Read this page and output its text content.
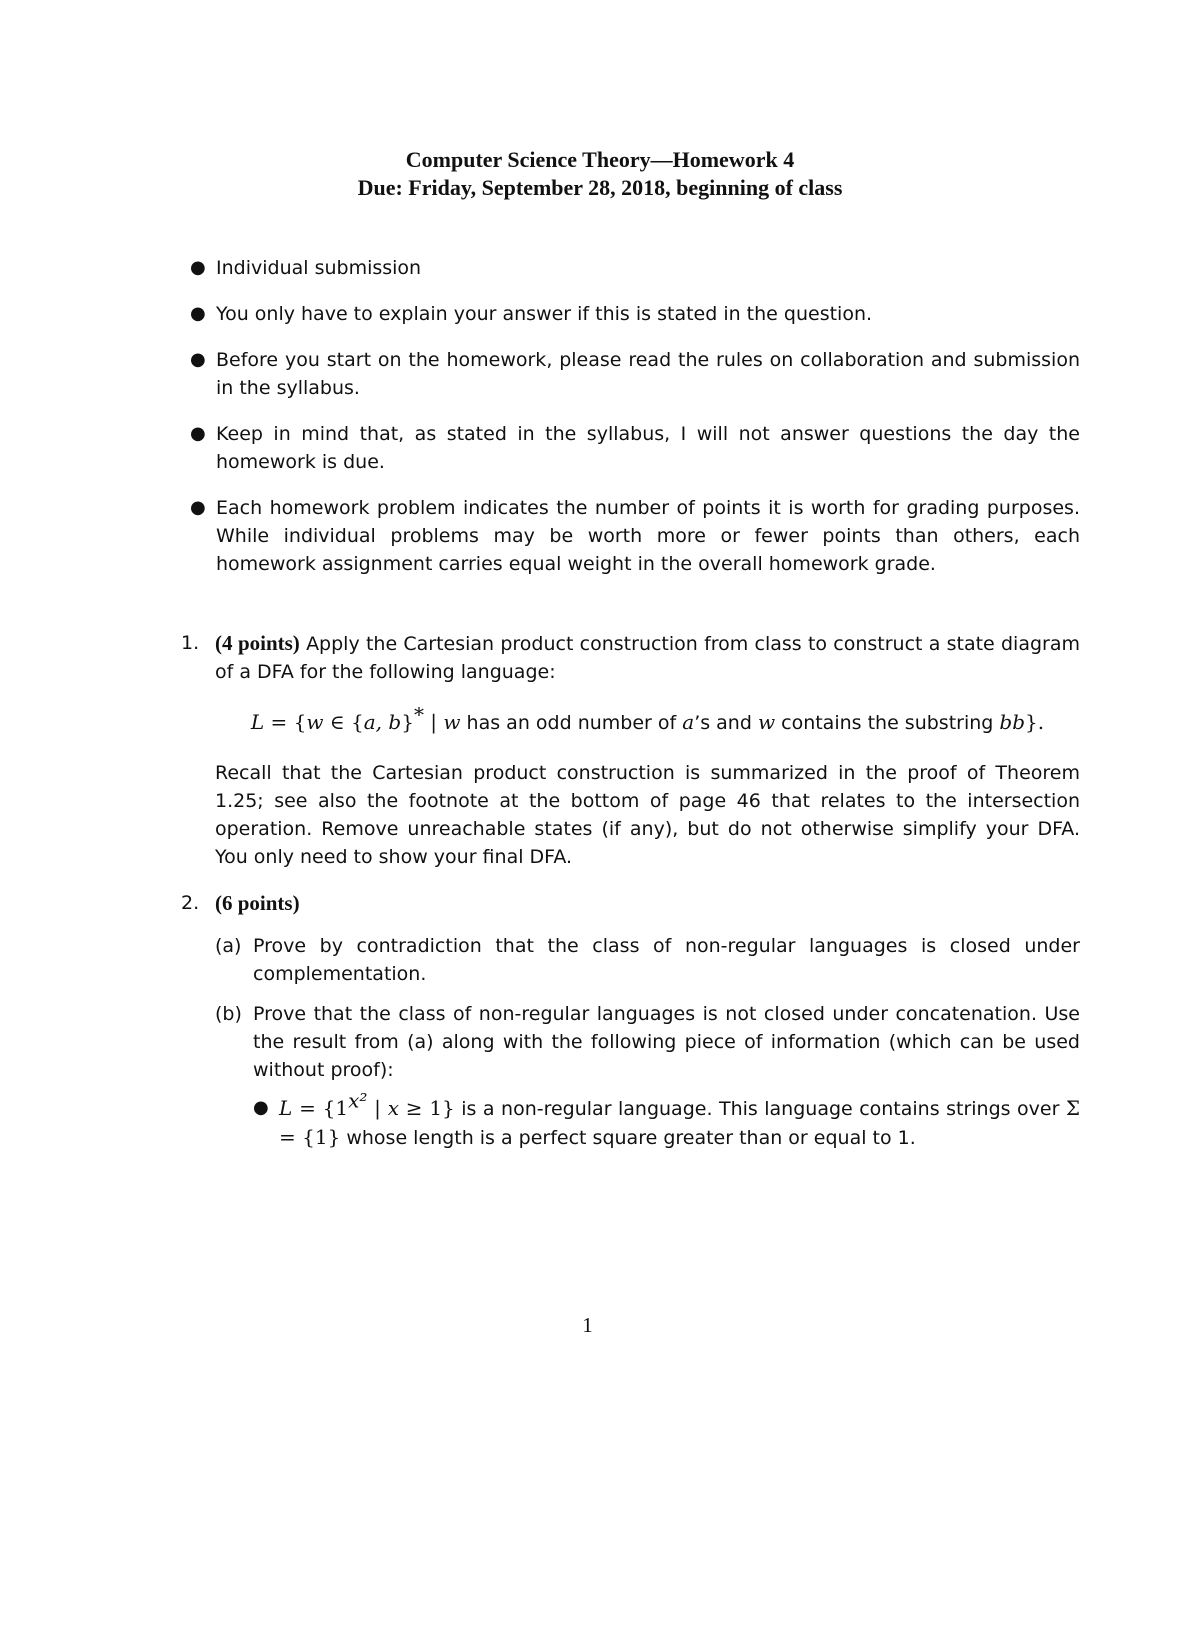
Computer Science Theory—Homework 4
Due: Friday, September 28, 2018, beginning of class
● Individual submission
● You only have to explain your answer if this is stated in the question.
● Before you start on the homework, please read the rules on collaboration and submission in the syllabus.
● Keep in mind that, as stated in the syllabus, I will not answer questions the day the homework is due.
● Each homework problem indicates the number of points it is worth for grading purposes. While individual problems may be worth more or fewer points than others, each homework assignment carries equal weight in the overall homework grade.
1. (4 points) Apply the Cartesian product construction from class to construct a state diagram of a DFA for the following language:
L = {w ∈ {a, b}* | w has an odd number of a’s and w contains the substring bb}.
Recall that the Cartesian product construction is summarized in the proof of Theorem 1.25; see also the footnote at the bottom of page 46 that relates to the intersection operation. Remove unreachable states (if any), but do not otherwise simplify your DFA. You only need to show your final DFA.
2. (6 points)
(a) Prove by contradiction that the class of non-regular languages is closed under complementation.
(b) Prove that the class of non-regular languages is not closed under concatenation. Use the result from (a) along with the following piece of information (which can be used without proof):
● $L = \{1^{x^2}$ | x ≥ 1} is a non-regular language. This language contains strings over Σ = {1} whose length is a perfect square greater than or equal to 1.
1
